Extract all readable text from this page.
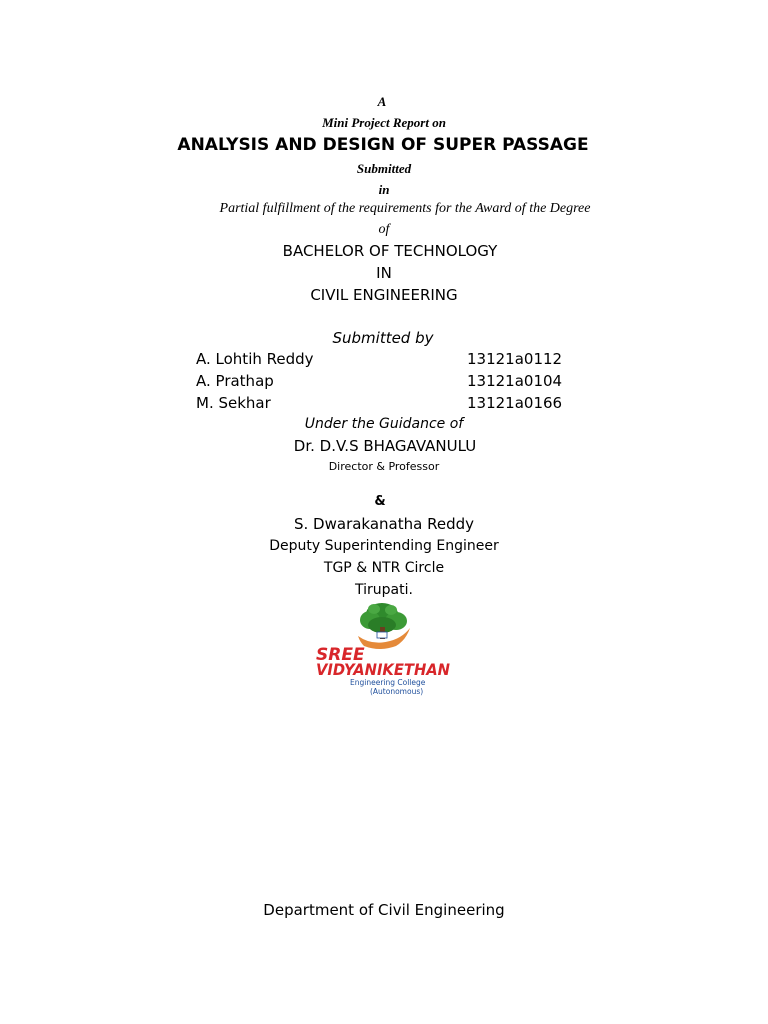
A
Mini Project Report on
ANALYSIS AND DESIGN OF SUPER PASSAGE
Submitted
in
Partial fulfillment of the requirements for the Award of the Degree
of
BACHELOR OF TECHNOLOGY
IN
CIVIL ENGINEERING
Submitted by
A. Lohtih Reddy	13121a0112
A. Prathap	13121a0104
M. Sekhar	13121a0166
Under the Guidance of
Dr. D.V.S BHAGAVANULU
Director & Professor
&
S. Dwarakanatha Reddy
Deputy Superintending Engineer
TGP & NTR Circle
Tirupati.
SREE
VIDYANIKETHAN
Engineering College
(Autonomous)
Department of Civil Engineering
